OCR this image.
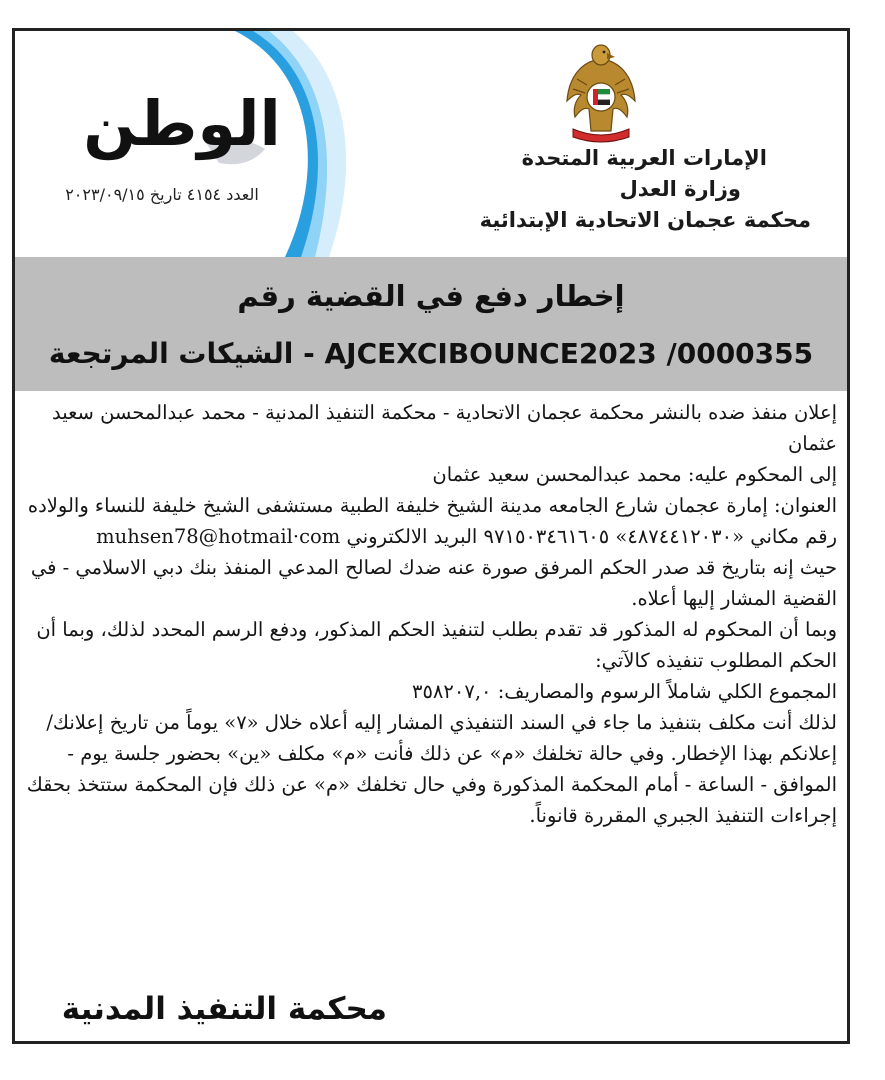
الإمارات العربية المتحدة
وزارة العدل
محكمة عجمان الاتحادية الإبتدائية
الوطن
العدد ٤١٥٤ تاريخ ٢٠٢٣/٠٩/١٥
إخطار دفع في القضية رقم
AJCEXCIBOUNCE2023 /0000355 - الشيكات المرتجعة

إعلان منفذ ضده بالنشر محكمة عجمان الاتحادية - محكمة التنفيذ المدنية - محمد عبدالمحسن سعيد عثمان

إلى المحكوم عليه: محمد عبدالمحسن سعيد عثمان

العنوان: إمارة عجمان شارع الجامعه مدينة الشيخ خليفة الطبية مستشفى الشيخ خليفة للنساء والولاده رقم مكاني «٤٨٧٤٤١٢٠٣٠» ٩٧١٥٠٣٤٦١٦٠٥ البريد الالكتروني muhsen78@hotmail·com

حيث إنه بتاريخ قد صدر الحكم المرفق صورة عنه ضدك لصالح المدعي المنفذ بنك دبي الاسلامي - في القضية المشار إليها أعلاه.

وبما أن المحكوم له المذكور قد تقدم بطلب لتنفيذ الحكم المذكور، ودفع الرسم المحدد لذلك، وبما أن الحكم المطلوب تنفيذه كالآتي:

المجموع الكلي شاملاً الرسوم والمصاريف: ٣٥٨٢٠٧,٠

لذلك أنت مكلف بتنفيذ ما جاء في السند التنفيذي المشار إليه أعلاه خلال «٧» يوماً من تاريخ إعلانك/ إعلانكم بهذا الإخطار. وفي حالة تخلفك «م» عن ذلك فأنت «م» مكلف «ين» بحضور جلسة يوم - الموافق - الساعة - أمام المحكمة المذكورة وفي حال تخلفك «م» عن ذلك فإن المحكمة ستتخذ بحقك إجراءات التنفيذ الجبري المقررة قانوناً.

محكمة التنفيذ المدنية
